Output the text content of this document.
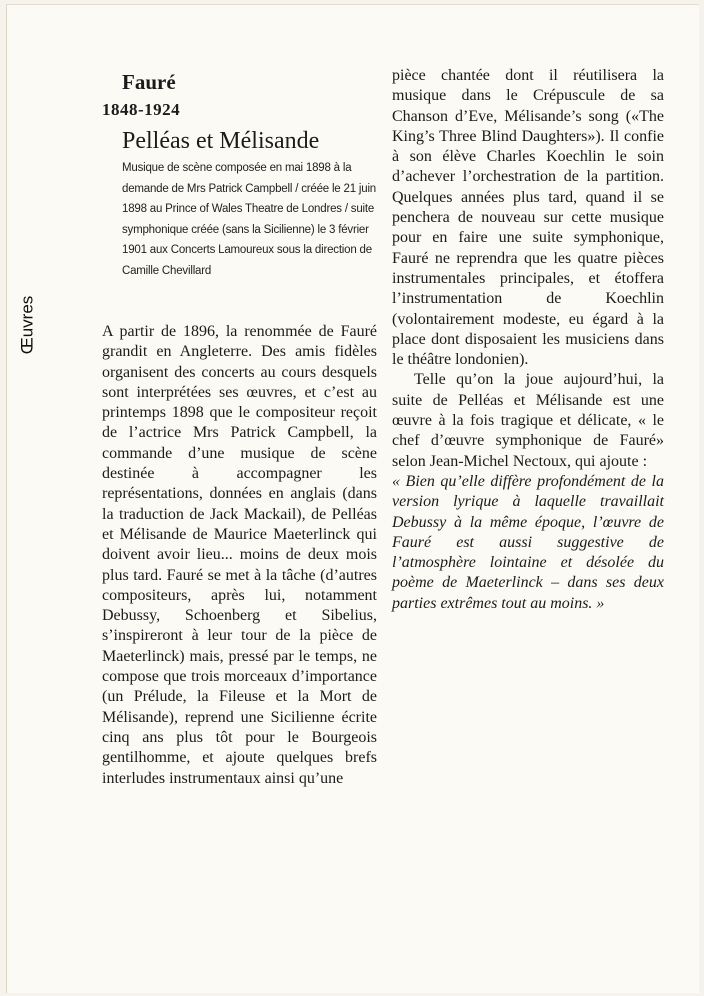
Œuvres
Fauré
1848-1924
Pelléas et Mélisande
Musique de scène composée en mai 1898 à la demande de Mrs Patrick Campbell / créée le 21 juin 1898 au Prince of Wales Theatre de Londres / suite symphonique créée (sans la Sicilienne) le 3 février 1901 aux Concerts Lamoureux sous la direction de Camille Chevillard

A partir de 1896, la renommée de Fauré grandit en Angleterre. Des amis fidèles organisent des concerts au cours desquels sont interprétées ses œuvres, et c’est au printemps 1898 que le compositeur reçoit de l’actrice Mrs Patrick Campbell, la commande d’une musique de scène destinée à accompagner les représentations, données en anglais (dans la traduction de Jack Mackail), de Pelléas et Mélisande de Maurice Maeterlinck qui doivent avoir lieu... moins de deux mois plus tard. Fauré se met à la tâche (d’autres compositeurs, après lui, notamment Debussy, Schoenberg et Sibelius, s’inspireront à leur tour de la pièce de Maeterlinck) mais, pressé par le temps, ne compose que trois morceaux d’importance (un Prélude, la Fileuse et la Mort de Mélisande), reprend une Sicilienne écrite cinq ans plus tôt pour le Bourgeois gentilhomme, et ajoute quelques brefs interludes instrumentaux ainsi qu’une

pièce chantée dont il réutilisera la musique dans le Crépuscule de sa Chanson d’Eve, Mélisande’s song («The King’s Three Blind Daughters»). Il confie à son élève Charles Koechlin le soin d’achever l’orchestration de la partition. Quelques années plus tard, quand il se penchera de nouveau sur cette musique pour en faire une suite symphonique, Fauré ne reprendra que les quatre pièces instrumentales principales, et étoffera l’instrumentation de Koechlin (volontairement modeste, eu égard à la place dont disposaient les musiciens dans le théâtre londonien).

Telle qu’on la joue aujourd’hui, la suite de Pelléas et Mélisande est une œuvre à la fois tragique et délicate, « le chef d’œuvre symphonique de Fauré» selon Jean-Michel Nectoux, qui ajoute :

« Bien qu’elle diffère profondément de la version lyrique à laquelle travaillait Debussy à la même époque, l’œuvre de Fauré est aussi suggestive de l’atmosphère lointaine et désolée du poème de Maeterlinck – dans ses deux parties extrêmes tout au moins. »
